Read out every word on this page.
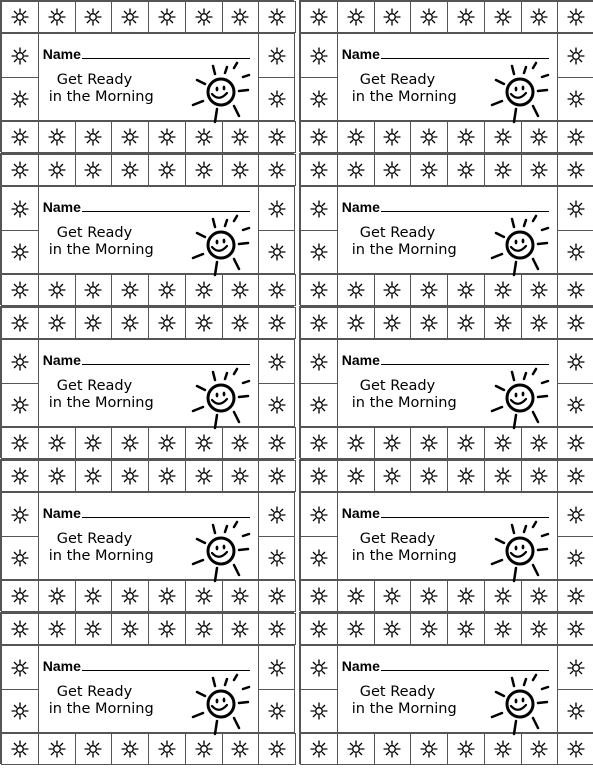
Name
Get Ready
in the Morning
Name
Get Ready
in the Morning
Name
Get Ready
in the Morning
Name
Get Ready
in the Morning
Name
Get Ready
in the Morning
Name
Get Ready
in the Morning
Name
Get Ready
in the Morning
Name
Get Ready
in the Morning
Name
Get Ready
in the Morning
Name
Get Ready
in the Morning
